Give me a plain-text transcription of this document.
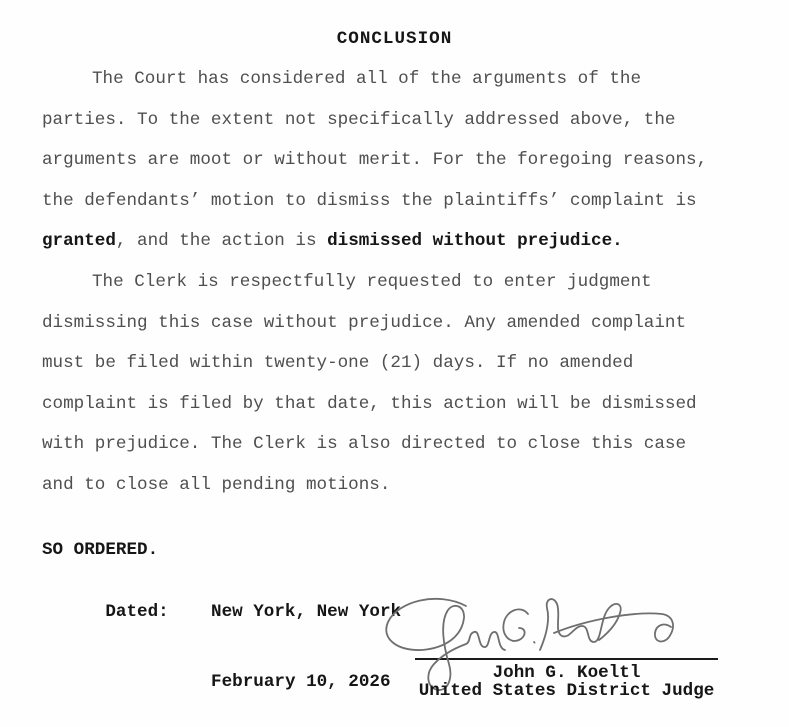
CONCLUSION
The Court has considered all of the arguments of the
parties. To the extent not specifically addressed above, the
arguments are moot or without merit. For the foregoing reasons,
the defendants’ motion to dismiss the plaintiffs’ complaint is
granted, and the action is dismissed without prejudice.
The Clerk is respectfully requested to enter judgment
dismissing this case without prejudice. Any amended complaint
must be filed within twenty-one (21) days. If no amended
complaint is filed by that date, this action will be dismissed
with prejudice. The Clerk is also directed to close this case
and to close all pending motions.
SO ORDERED.

Dated: New York, New York

February 10, 2026
	John G. Koeltl
United States District Judge
